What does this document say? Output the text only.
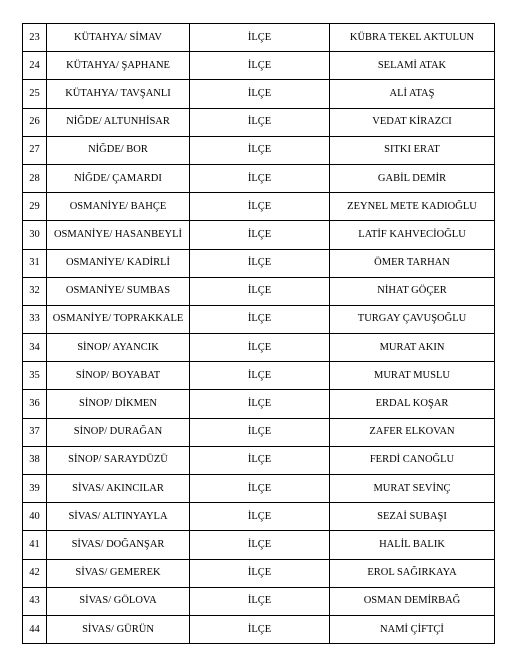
23	KÜTAHYA/ SİMAV	İLÇE	KÜBRA TEKEL AKTULUN
24	KÜTAHYA/ ŞAPHANE	İLÇE	SELAMİ ATAK
25	KÜTAHYA/ TAVŞANLI	İLÇE	ALİ ATAŞ
26	NİĞDE/ ALTUNHİSAR	İLÇE	VEDAT KİRAZCI
27	NİĞDE/ BOR	İLÇE	SITKI ERAT
28	NİĞDE/ ÇAMARDI	İLÇE	GABİL DEMİR
29	OSMANİYE/ BAHÇE	İLÇE	ZEYNEL METE KADIOĞLU
30	OSMANİYE/ HASANBEYLİ	İLÇE	LATİF KAHVECİOĞLU
31	OSMANİYE/ KADİRLİ	İLÇE	ÖMER TARHAN
32	OSMANİYE/ SUMBAS	İLÇE	NİHAT GÖÇER
33	OSMANİYE/ TOPRAKKALE	İLÇE	TURGAY ÇAVUŞOĞLU
34	SİNOP/ AYANCIK	İLÇE	MURAT AKIN
35	SİNOP/ BOYABAT	İLÇE	MURAT MUSLU
36	SİNOP/ DİKMEN	İLÇE	ERDAL KOŞAR
37	SİNOP/ DURAĞAN	İLÇE	ZAFER ELKOVAN
38	SİNOP/ SARAYDÜZÜ	İLÇE	FERDİ CANOĞLU
39	SİVAS/ AKINCILAR	İLÇE	MURAT SEVİNÇ
40	SİVAS/ ALTINYAYLA	İLÇE	SEZAİ SUBAŞI
41	SİVAS/ DOĞANŞAR	İLÇE	HALİL BALIK
42	SİVAS/ GEMEREK	İLÇE	EROL SAĞIRKAYA
43	SİVAS/ GÖLOVA	İLÇE	OSMAN DEMİRBAĞ
44	SİVAS/ GÜRÜN	İLÇE	NAMİ ÇİFTÇİ
